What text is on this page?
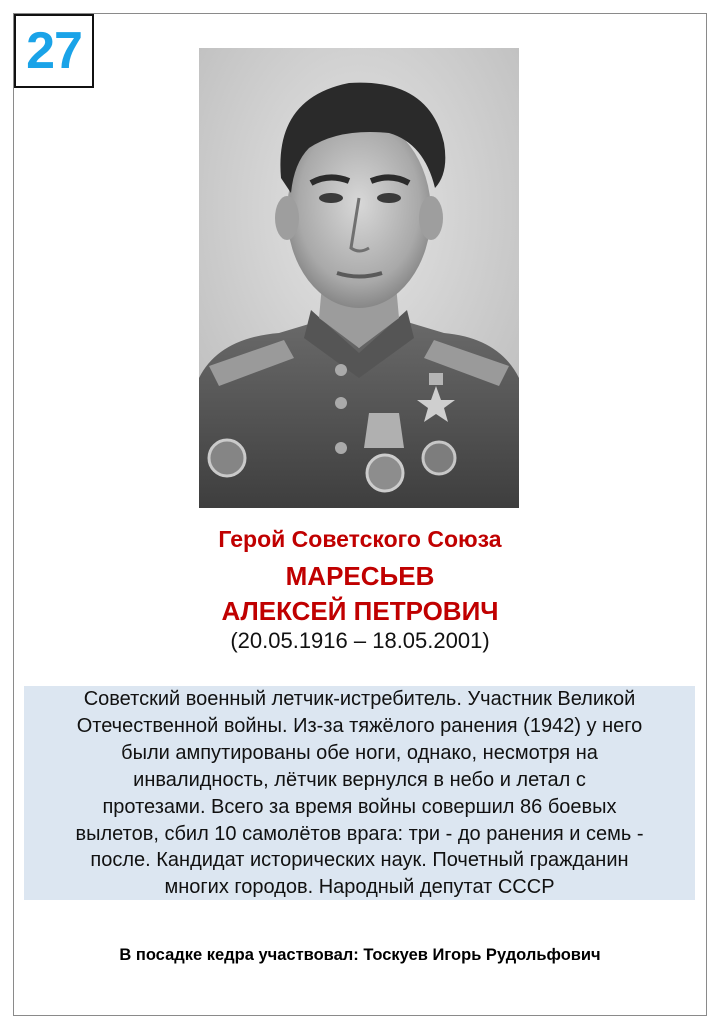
27
Герой Советского Союза
МАРЕСЬЕВ
АЛЕКСЕЙ ПЕТРОВИЧ
(20.05.1916 – 18.05.2001)

Советский военный летчик-истребитель. Участник Великой
Отечественной войны. Из-за тяжёлого ранения (1942) у него
были ампутированы обе ноги, однако, несмотря на
инвалидность, лётчик вернулся в небо и летал с
протезами. Всего за время войны совершил 86 боевых
вылетов, сбил 10 самолётов врага: три - до ранения и семь -
после. Кандидат исторических наук. Почетный гражданин
многих городов. Народный депутат СССР

В посадке кедра участвовал: Тоскуев Игорь Рудольфович
